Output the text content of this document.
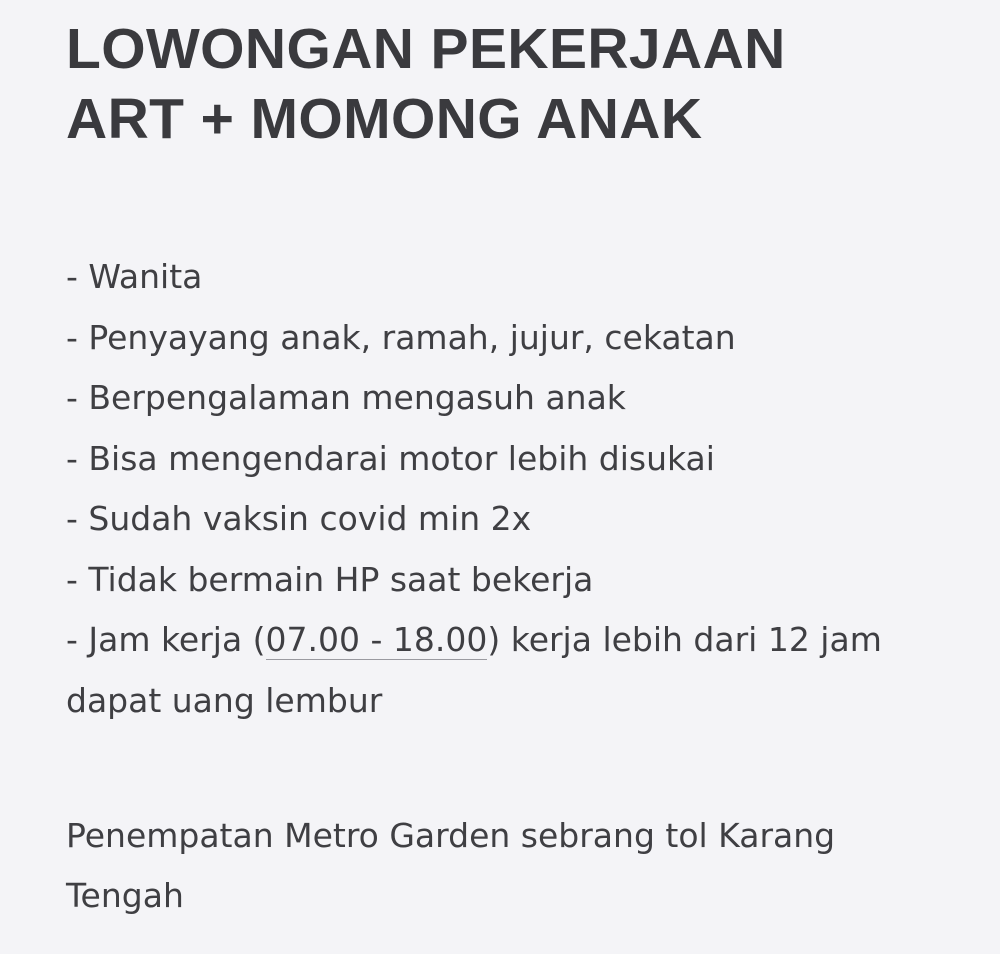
LOWONGAN PEKERJAAN
ART + MOMONG ANAK
- Wanita
- Penyayang anak, ramah, jujur, cekatan
- Berpengalaman mengasuh anak
- Bisa mengendarai motor lebih disukai
- Sudah vaksin covid min 2x
- Tidak bermain HP saat bekerja
- Jam kerja (07.00 - 18.00) kerja lebih dari 12 jam dapat uang lembur

Penempatan Metro Garden sebrang tol Karang Tengah
